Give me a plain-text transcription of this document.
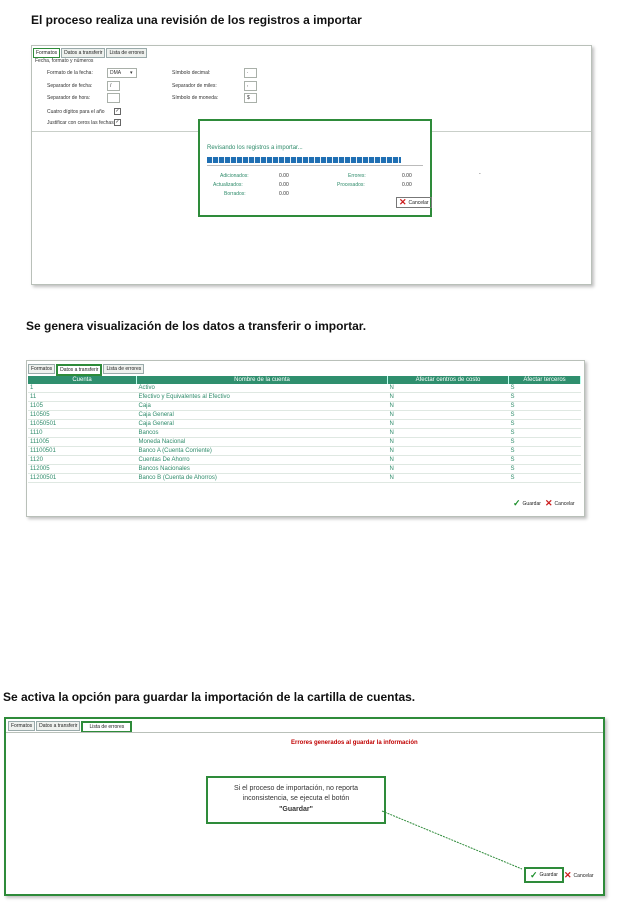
El proceso realiza una revisión de los registros a importar
Formatos	Datos a transferir	Lista de errores
Fecha, formato y números
Formato de la fecha:	DMA ▾
Separador de fecha:	/
Separador de hora:
Cuatro dígitos para el año ✓
Justificar con ceros las fechas ✓
Símbolo decimal:	.
Separador de miles:	,
Símbolo de moneda:	$
-
Revisando los registros a importar...
Adicionados:	0.00
Actualizados:	0.00
Borrados:	0.00
Errores:	0.00
Procesados:	0.00
✕ Cancelar
Se genera visualización de los datos a transferir o importar.
Formatos	Datos a transferir	Lista de errores
Cuenta	Nombre de la cuenta	Afectar centros de costo	Afectar terceros
1	Activo	N	S
11	Efectivo y Equivalentes al Efectivo	N	S
1105	Caja	N	S
110505	Caja General	N	S
11050501	Caja General	N	S
1110	Bancos	N	S
111005	Moneda Nacional	N	S
11100501	Banco A (Cuenta Corriente)	N	S
1120	Cuentas De Ahorro	N	S
112005	Bancos Nacionales	N	S
11200501	Banco B (Cuenta de Ahorros)	N	S
✓ Guardar ✕ Cancelar
Se activa la opción para guardar la importación de la cartilla de cuentas.
Formatos	Datos a transferir	Lista de errores
Errores generados al guardar la información
Si el proceso de importación, no reporta
inconsistencia, se ejecuta el botón
"Guardar"
✓ Guardar ✕ Cancelar
